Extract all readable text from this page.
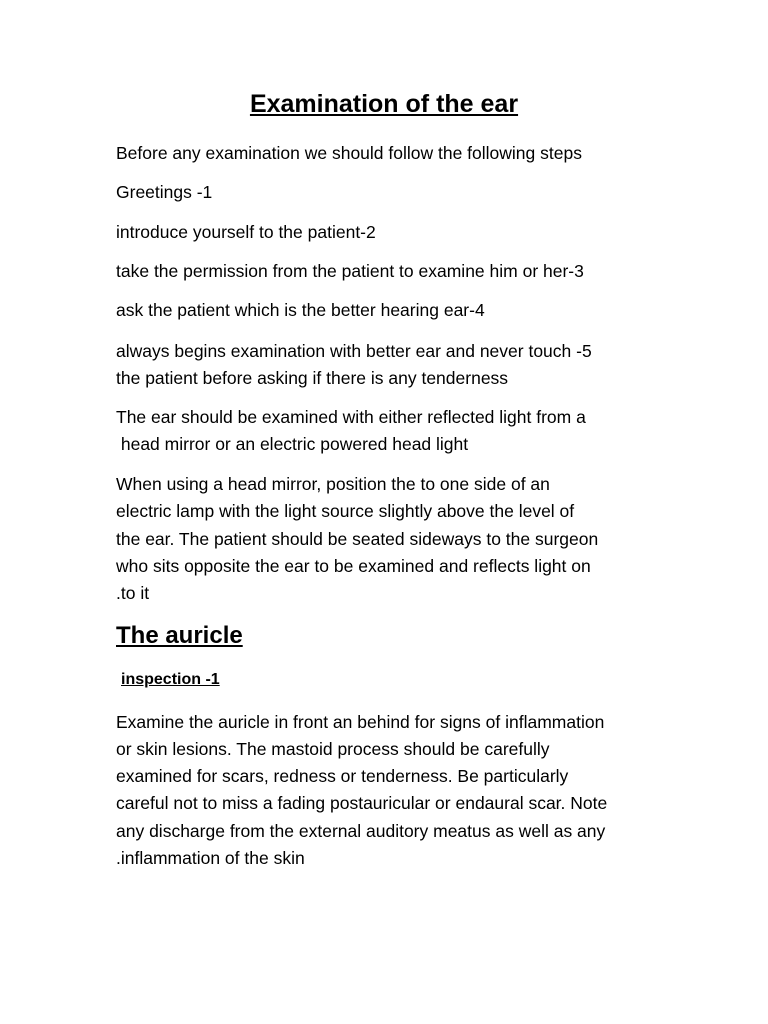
Examination of the ear
Before any examination we should follow the following steps
Greetings -1
introduce yourself to the patient-2
take the permission from the patient to examine him or her-3
ask the patient which is the better hearing ear-4
always begins examination with better ear and never touch -5
the patient before asking if there is any tenderness
The ear should be examined with either reflected light from a
head mirror or an electric powered head light
When using a head mirror, position the to one side of an
electric lamp with the light source slightly above the level of
the ear. The patient should be seated sideways to the surgeon
who sits opposite the ear to be examined and reflects light on
.to it
The auricle
inspection -1
Examine the auricle in front an behind for signs of inflammation
or skin lesions. The mastoid process should be carefully
examined for scars, redness or tenderness. Be particularly
careful not to miss a fading postauricular or endaural scar. Note
any discharge from the external auditory meatus as well as any
.inflammation of the skin
